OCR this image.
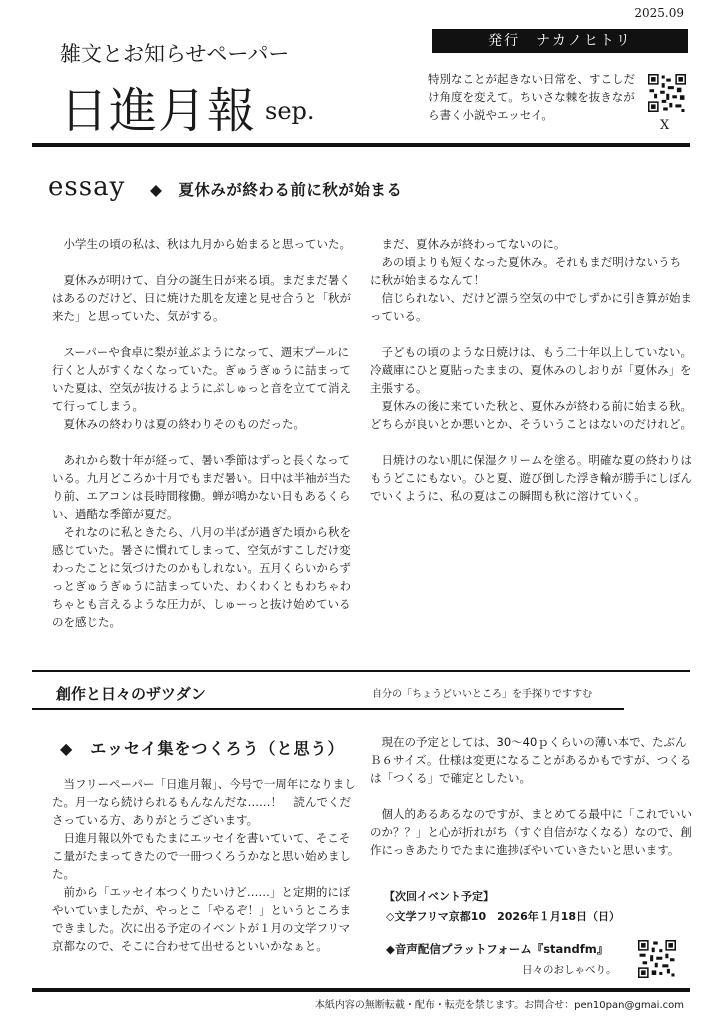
2025.09
発行　ナカノヒトリ
雑文とお知らせペーパー
日進月報 sep.
特別なことが起きない日常を、すこしだけ角度を変えて。ちいさな棘を抜きながら書く小説やエッセイ。
X
essay ◆　夏休みが終わる前に秋が始まる

小学生の頃の私は、秋は九月から始まると思っていた。

夏休みが明けて、自分の誕生日が来る頃。まだまだ暑くはあるのだけど、日に焼けた肌を友達と見せ合うと「秋が来た」と思っていた、気がする。

スーパーや食卓に梨が並ぶようになって、週末プールに行くと人がすくなくなっていた。ぎゅうぎゅうに詰まっていた夏は、空気が抜けるようにぷしゅっと音を立てて消えて行ってしまう。

夏休みの終わりは夏の終わりそのものだった。

あれから数十年が経って、暑い季節はずっと長くなっている。九月どころか十月でもまだ暑い。日中は半袖が当たり前、エアコンは長時間稼働。蝉が鳴かない日もあるくらい、過酷な季節が夏だ。

それなのに私ときたら、八月の半ばが過ぎた頃から秋を感じていた。暑さに慣れてしまって、空気がすこしだけ変わったことに気づけたのかもしれない。五月くらいからずっとぎゅうぎゅうに詰まっていた、わくわくともわちゃわちゃとも言えるような圧力が、しゅーっと抜け始めているのを感じた。

まだ、夏休みが終わってないのに。

あの頃よりも短くなった夏休み。それもまだ明けないうちに秋が始まるなんて！

信じられない、だけど漂う空気の中でしずかに引き算が始まっている。

子どもの頃のような日焼けは、もう二十年以上していない。冷蔵庫にひと夏貼ったままの、夏休みのしおりが「夏休み」を主張する。

夏休みの後に来ていた秋と、夏休みが終わる前に始まる秋。どちらが良いとか悪いとか、そういうことはないのだけれど。

日焼けのない肌に保湿クリームを塗る。明確な夏の終わりはもうどこにもない。ひと夏、遊び倒した浮き輪が勝手にしぼんでいくように、私の夏はこの瞬間も秋に溶けていく。

創作と日々のザツダン	自分の「ちょうどいいところ」を手探りですすむ
◆　エッセイ集をつくろう（と思う）

当フリーペーパー「日進月報」、今号で一周年になりました。月一なら続けられるもんなんだな……！　読んでくださっている方、ありがとうございます。

日進月報以外でもたまにエッセイを書いていて、そこそこ量がたまってきたので一冊つくろうかなと思い始めました。

前から「エッセイ本つくりたいけど……」と定期的にぼやいていましたが、やっとこ「やるぞ！」というところまできました。次に出る予定のイベントが１月の文学フリマ京都なので、そこに合わせて出せるといいかなぁと。

現在の予定としては、30〜40ｐくらいの薄い本で、たぶんＢ６サイズ。仕様は変更になることがあるかもですが、つくるは「つくる」で確定としたい。

個人的あるあるなのですが、まとめてる最中に「これでいいのか？？」と心が折れがち（すぐ自信がなくなる）なので、創作にっきあたりでたまに進捗ぼやいていきたいと思います。

【次回イベント予定】
◇文学フリマ京都10　2026年１月18日（日）
◆音声配信プラットフォーム『standfm』
日々のおしゃべり。
本紙内容の無断転載・配布・転売を禁じます。お問合せ：pen10pan@gmai.com
